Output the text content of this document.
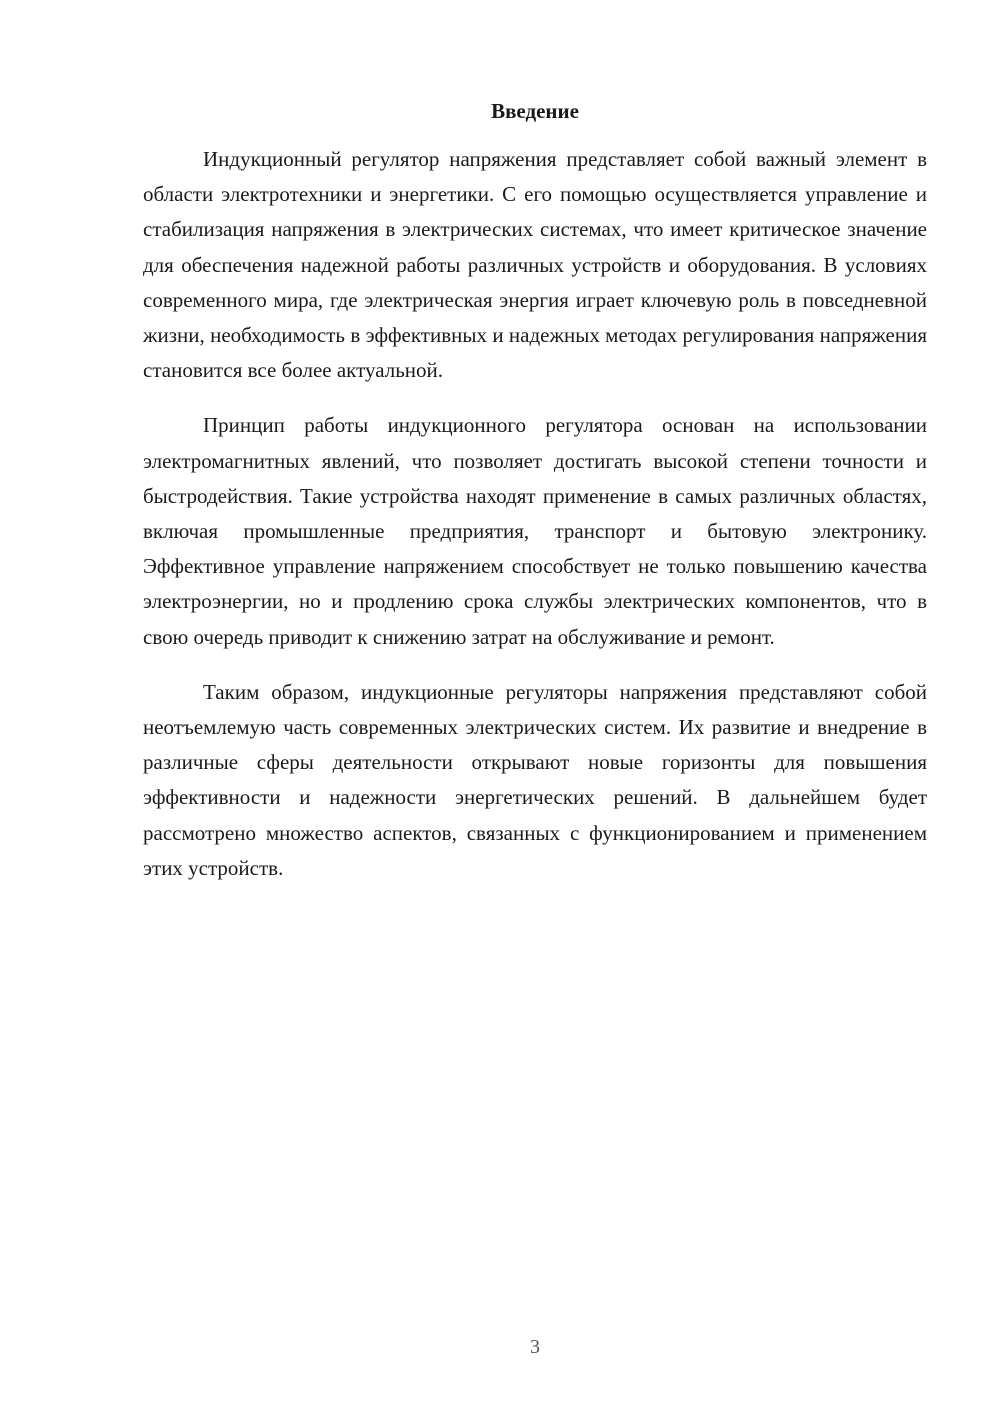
Введение

Индукционный регулятор напряжения представляет собой важный элемент в области электротехники и энергетики. С его помощью осуществляется управление и стабилизация напряжения в электрических системах, что имеет критическое значение для обеспечения надежной работы различных устройств и оборудования. В условиях современного мира, где электрическая энергия играет ключевую роль в повседневной жизни, необходимость в эффективных и надежных методах регулирования напряжения становится все более актуальной.

Принцип работы индукционного регулятора основан на использовании электромагнитных явлений, что позволяет достигать высокой степени точности и быстродействия. Такие устройства находят применение в самых различных областях, включая промышленные предприятия, транспорт и бытовую электронику. Эффективное управление напряжением способствует не только повышению качества электроэнергии, но и продлению срока службы электрических компонентов, что в свою очередь приводит к снижению затрат на обслуживание и ремонт.

Таким образом, индукционные регуляторы напряжения представляют собой неотъемлемую часть современных электрических систем. Их развитие и внедрение в различные сферы деятельности открывают новые горизонты для повышения эффективности и надежности энергетических решений. В дальнейшем будет рассмотрено множество аспектов, связанных с функционированием и применением этих устройств.

3
